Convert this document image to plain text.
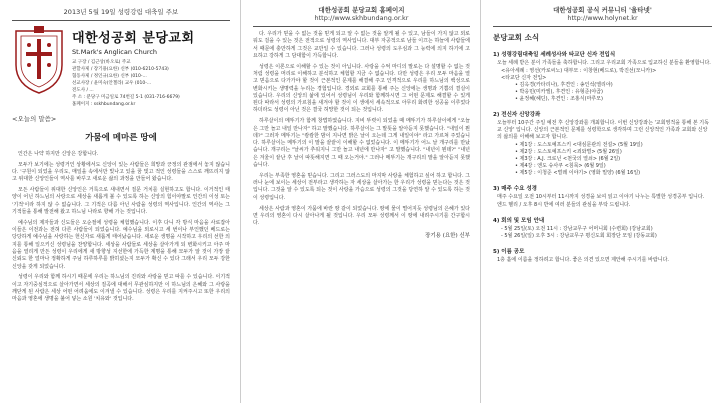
2013년 5월 19일 성령강림 대축일 주보
대한성공회 분당교회
St.Mark's Anglican Church
교 구장 / 김근상(바오로) 주교
관할사제 / 장기용(요한) 신부 (010-6210-5743)
협동사제 / 정인규(요한) 신부 (010-...
선교사장 / 윤미숙(안젤라) 교우 (010-...
전도사 / ...
주 소 : 분당구 미금일로 74번길 5-1 (031-716-6679)
홈페이지 : sskhbundang.or.kr
<오늘의 말씀>
가뭄에 메마른 땅에

인간은 나약 하지만 신앙은 강합니다.

모두가 보기에는 성령거인 상황에서도 신앙이 있는 사람들은 희망과 긍정의 관점에서 놓지 않습니다. '구원이 되었을 우리도, 매일을 속에서만 빛나고 있을 꿈 빛고 적인 성령들을 스스로 깨뜨리지 않고 위대한 신앙인들이 역사를 바꾸고 새로운 삶의 과정을 만들어 왔습니다.

모든 사람들이 위대한 신앙인은 거룩으로 새내면서 질문 거치를 실현하고도 합니다. 이거적인 태양이 어닌 하느님의 사랑으로 세상을 새롭게 볼 수 있도록 하는 신앙의 힘이야말로 인간의 이성 또는 '기적'이라 하지 않 수 없습니다. 그 기적은 다름 아닌 사람을 성령의 역사입니다. 인간의 역사는 그 기적들을 통해 발전해 왔고 하느님 나라로 향해 가는 것입니다.

예수님의 제자들과 신도들은 오순절에 성령을 체험했습니다. 이후 다니 각 방식 마음을 사로잡아 이들은 이전과는 전혀 다른 사람들이 되었습니다. 예수님을 외로시고 세 번이나 부인했던 베드로는 당당하게 예수님을 사랑하는 헌신자로 새롭게 태어났습니다. 새로운 생명을 시작하고 우리의 선한 의지를 통해 일으키신 성령님을 찬양합니다. 세상을 사람들로 세상을 살아가게 되 변화시키고 아주 마음을 열리게 만든 성령이 우리에게 새 방향성 지선한에 가득한 계명을 통해 모두가 알 것이 가장 끝 신뢰도 한 얼마나 정확하게 주님 하루하루를 밝히셨는지 모두가 확신 수 있다 그래서 우리 모두 강한 신앙을 갖게 되었습니다.

성령이 우리와 함께 하시기 때문에 우리는 하느님의 진리와 사랑을 믿고 따를 수 있습니다. 이기적이고 자기중심적으로 살아가면서 세상의 질곡에 대해서 무관심하지만 이 하느님의 은혜와 그 사랑을 깨닫게 된 사람은 세상 어떤 어려움에도 이겨낼 수 있습니다. 성령은 우리를 지켜주시고 또한 우리의 마음과 영혼에 생명을 불어 넣는 소원 '치유와' 것입니다.

대한성공회 분당교회 홈페이지
http://www.skhbundang.or.kr

다. 우리가 믿을 수 없는 것을 믿게 되고 알 수 없는 것을 알게 될 수 있고, 남들이 가지 않고 외로워도 걸을 수 있는 것은 전적으로 성령의 역사입니다. 대부 자공적으로 남들 이끄는 하늘에 사람들에서 때문에 충만하게 그것은 교만일 수 있습니다. 그러나 성령의 도우심과 그 능력에 의지 하기에 고요하고 강하게 그 담대함이 가득합니다.

성령은 이론으로 이해할 수 있는 것이 아닙니다. 사랑을 수억 마디의 말로는 다 설명할 수 없는 것처럼 성령을 머리로 이해하고 분석하고 체험할 지금 수 없습니다. 다만 성령은 우리 모두 마음을 열고 믿음으로 다가가야 할 것이 근본적인 문제를 해결해 주고 인격적으로 우리를 하느님의 백성으로 변화시키는 생명력을 누리는 경험입니다. 경외로 교회를 통해 주는 신앙에는 생명과 기쁨의 결실이 있습니다. 우리의 신앙의 삶에 있어서 성령님이 우리와 함께하시면 그 어떤 문제도 해결할 수 있게 된다 따라서 성령의 가르침을 새겨야 할 것이 이 생에서 세속적으로 아무리 화려한 성공을 이루었다 하더라도 성령이 아닌 것은 결국 허망한 것이 되는 것입니다.

하루살이의 메뚜기가 함께 창법하였습니다. 지비 뚜렷이 되었을 때 메뚜기가 하루살이에게 "오늘은 그만 놀고 내일 만나자" 하고 말했습니다. 하루살이는 그 말뜻을 알아듣지 못했습니다. "내일이 뭔데?" 그러자 메뚜기는 "캄캄한 밤이 지나면 밝은 날이 오는데 그게 내일이야" 라고 가르쳐 주었습니다. 하루살이는 메뚜기의 이 말을 끝끝이 이해할 수 없었습니다. 이 메뚜기가 어느 날 개구리를 만났습니다. 개구리는 "날씨가 추워지니 그만 놀고 내년에 만나자" 고 말했습니다. "내년이 뭔데?" "내년은 겨울이 끝난 후 날이 따뜻해지면 그 때 오는거야." 그러나 메뚜기는 개구리의 말을 알아듣지 못했습니다.

우리는 부족한 영혼을 믿습니다. 그리고 그러스도의 마지막 사랑을 체험하고 싶어 하고 합니다. 그러나 눈에 보이는 세상이 전부라고 생각하는 자 세상을 살아가는 한 우리가 성령을 믿는다는 것은 것입니다. 그것을 알 수 있도록 되는 것이 사랑을 가슴으로 성령의 그것을 당연하 알 수 있도록 하는 것이 성령입니다.

세상은 사람과 영혼이 가뭄에 바란 땅 같이 되었습니다. 땅에 물이 떨어지듯 성령님의 은혜가 있다면 우리의 영혼이 다시 살아나게 될 것입니다. 우리 모두 성령께서 이 땅에 내려주시기를 간구합시다.

장기용 (요한) 신부
대한성공회 공식 커뮤니티 '울타넷'
http://www.holynet.kr
분당교회 소식
1) 성령강림대축일 세례성사와 타교단 신자 전입식
오늘 세례 받은 분이 가족들을 축하합니다. 그리고 우리교회 가족으로 입교하신 분들을 환영합니다.
<유아세례 : 영선(카로씨노) 대부모 : 이창현(베드로), 박진선(모니카)>
<타교단 신자 전입>
• 김옥경(카타리나), 후견인 : 송인석(엘리야)
• 박응민(미카엘), 후견인 : 유형준(야곱)
• 윤정혜(헤딘), 후견인 : 조홍식(마루모)
2) 전신자 신앙강좌
오늘부터 10주간 주일 예전 후 신앙강좌를 개최합니다. 이번 신앙강좌는 '교회영적을 통해 본 기독교 신앙' 입니다. 신앙의 근본적인 문제를 성령학으로 생각하며 그런 신앙적인 가족과 교회와 신앙의 삶의를 이해해 보고자 합니다.
• 제1강 : 도스토예프스키 <대심문관의 전설> (5월 19일)
• 제2강 : 도스토예프스키 <죄와벌> (5월 26일)
• 제3강 : A.J. 크로닌 <천국의 열쇠> (6월 2일)
• 제4강 : 엔도 슈사쿠 <침묵> (6월 9일)
• 제5강 : 이청준 <벌레 이야기> (영화 밀양) (6월 16일)
3) 매주 수요 성경
매주 수요일 오전 10시부터 11시까지 성경을 보여 읽고 이야기 나누는 특별한 성경공부 입니다.
엔드 헬리 / 오후 8시 반에 여러 분들의 관심을 부탁 드립니다.
4) 회의 및 모임 안내
- 5월 25일(토) 오전 11시 : 강남교무구 어머니회 (수련회) (강남교회)
- 5월 26일(일) 오후 3시 : 강남교무구 평신도회 회장단 모임 (강동교회)
5) 이름 공모
1층 홀에 이름을 정하려고 합니다. 좋은 의견 있으면 제안해 주시기를 바랍니다.
